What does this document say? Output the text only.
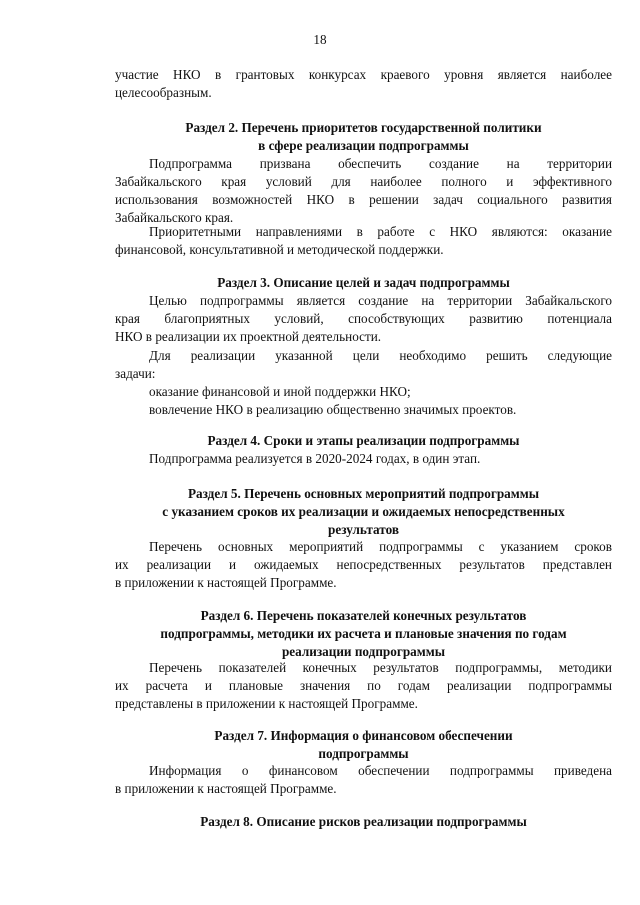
18

участие НКО в грантовых конкурсах краевого уровня является наиболее

целесообразным.

Раздел 2. Перечень приоритетов государственной политики

в сфере реализации подпрограммы

Подпрограмма призвана обеспечить создание на территории

Забайкальского края условий для наиболее полного и эффективного

использования возможностей НКО в решении задач социального развития

Забайкальского края.

Приоритетными направлениями в работе с НКО являются: оказание

финансовой, консультативной и методической поддержки.

Раздел 3. Описание целей и задач подпрограммы

Целью подпрограммы является создание на территории Забайкальского

края благоприятных условий, способствующих развитию потенциала

НКО в реализации их проектной деятельности.

Для реализации указанной цели необходимо решить следующие

задачи:

оказание финансовой и иной поддержки НКО;

вовлечение НКО в реализацию общественно значимых проектов.

Раздел 4. Сроки и этапы реализации подпрограммы

Подпрограмма реализуется в 2020-2024 годах, в один этап.

Раздел 5. Перечень основных мероприятий подпрограммы

с указанием сроков их реализации и ожидаемых непосредственных

результатов

Перечень основных мероприятий подпрограммы с указанием сроков

их реализации и ожидаемых непосредственных результатов представлен

в приложении к настоящей Программе.

Раздел 6. Перечень показателей конечных результатов

подпрограммы, методики их расчета и плановые значения по годам

реализации подпрограммы

Перечень показателей конечных результатов подпрограммы, методики

их расчета и плановые значения по годам реализации подпрограммы

представлены в приложении к настоящей Программе.

Раздел 7. Информация о финансовом обеспечении

подпрограммы

Информация о финансовом обеспечении подпрограммы приведена

в приложении к настоящей Программе.

Раздел 8. Описание рисков реализации подпрограммы
